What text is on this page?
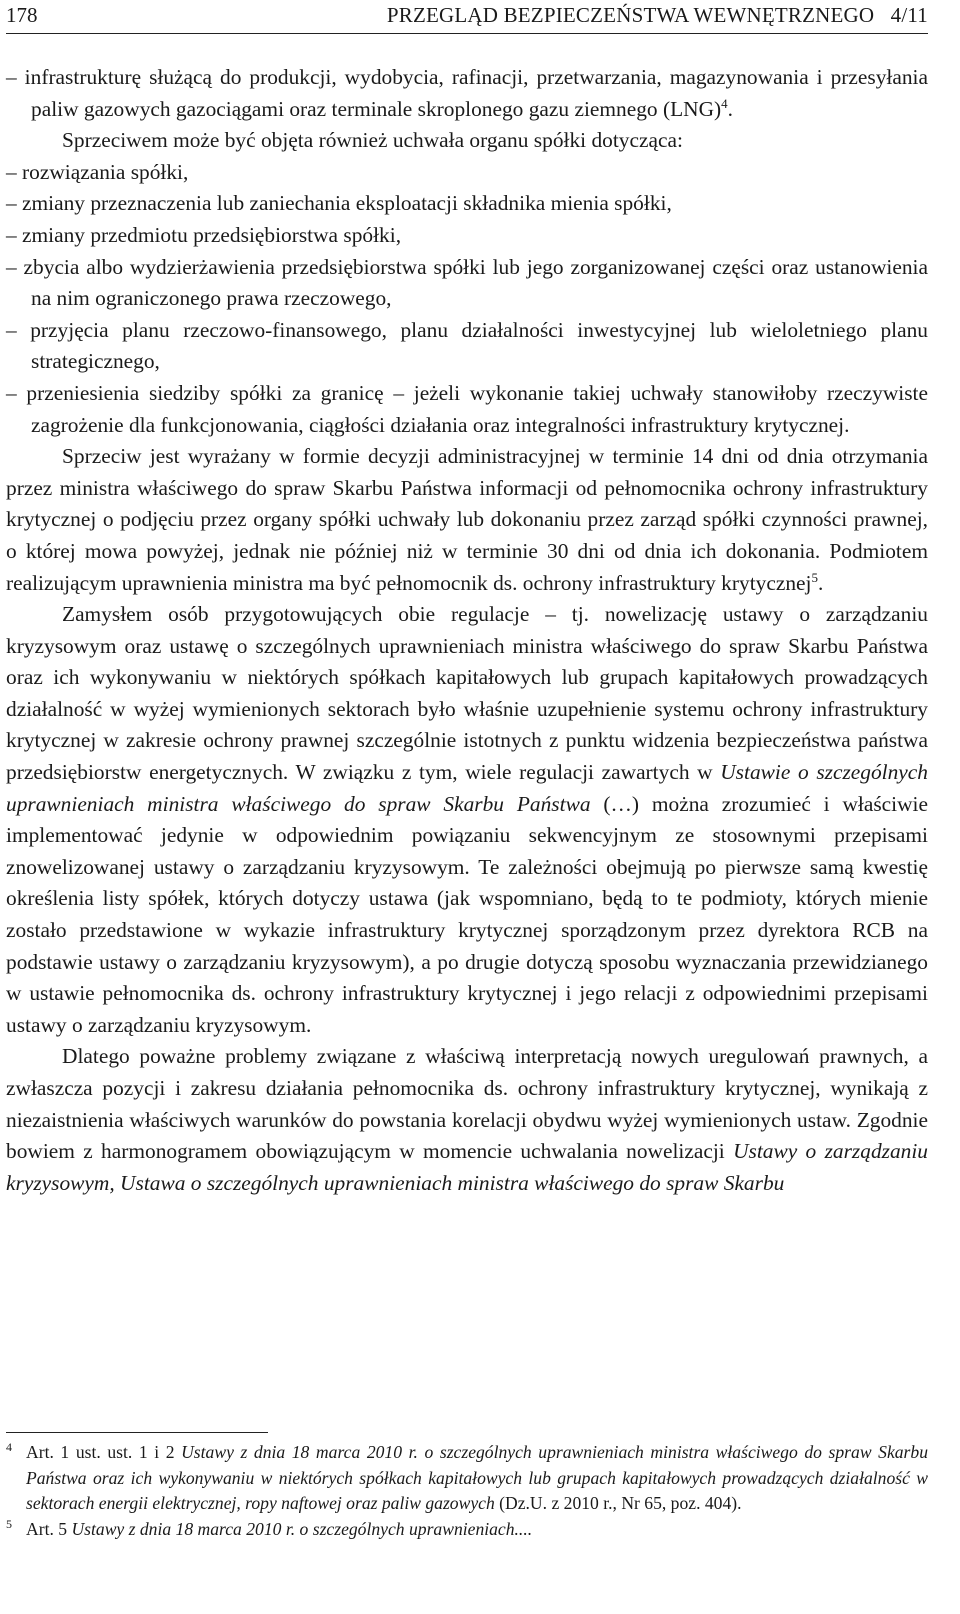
178	PRZEGLĄD BEZPIECZEŃSTWA WEWNĘTRZNEGO   4/11

– infrastrukturę służącą do produkcji, wydobycia, rafinacji, przetwarzania, magazynowania i przesyłania paliw gazowych gazociągami oraz terminale skroplonego gazu ziemnego (LNG)$^4$.

Sprzeciwem może być objęta również uchwała organu spółki dotycząca:

– rozwiązania spółki,

– zmiany przeznaczenia lub zaniechania eksploatacji składnika mienia spółki,

– zmiany przedmiotu przedsiębiorstwa spółki,

– zbycia albo wydzierżawienia przedsiębiorstwa spółki lub jego zorganizowanej części oraz ustanowienia na nim ograniczonego prawa rzeczowego,

– przyjęcia planu rzeczowo-finansowego, planu działalności inwestycyjnej lub wieloletniego planu strategicznego,

– przeniesienia siedziby spółki za granicę – jeżeli wykonanie takiej uchwały stanowiłoby rzeczywiste zagrożenie dla funkcjonowania, ciągłości działania oraz integralności infrastruktury krytycznej.

Sprzeciw jest wyrażany w formie decyzji administracyjnej w terminie 14 dni od dnia otrzymania przez ministra właściwego do spraw Skarbu Państwa informacji od pełnomocnika ochrony infrastruktury krytycznej o podjęciu przez organy spółki uchwały lub dokonaniu przez zarząd spółki czynności prawnej, o której mowa powyżej, jednak nie później niż w terminie 30 dni od dnia ich dokonania. Podmiotem realizującym uprawnienia ministra ma być pełnomocnik ds. ochrony infrastruktury krytycznej$^5$.

Zamysłem osób przygotowujących obie regulacje – tj. nowelizację ustawy o zarządzaniu kryzysowym oraz ustawę o szczególnych uprawnieniach ministra właściwego do spraw Skarbu Państwa oraz ich wykonywaniu w niektórych spółkach kapitałowych lub grupach kapitałowych prowadzących działalność w wyżej wymienionych sektorach było właśnie uzupełnienie systemu ochrony infrastruktury krytycznej w zakresie ochrony prawnej szczególnie istotnych z punktu widzenia bezpieczeństwa państwa przedsiębiorstw energetycznych. W związku z tym, wiele regulacji zawartych w Ustawie o szczególnych uprawnieniach ministra właściwego do spraw Skarbu Państwa (…) można zrozumieć i właściwie implementować jedynie w odpowiednim powiązaniu sekwencyjnym ze stosownymi przepisami znowelizowanej ustawy o zarządzaniu kryzysowym. Te zależności obejmują po pierwsze samą kwestię określenia listy spółek, których dotyczy ustawa (jak wspomniano, będą to te podmioty, których mienie zostało przedstawione w wykazie infrastruktury krytycznej sporządzonym przez dyrektora RCB na podstawie ustawy o zarządzaniu kryzysowym), a po drugie dotyczą sposobu wyznaczania przewidzianego w ustawie pełnomocnika ds. ochrony infrastruktury krytycznej i jego relacji z odpowiednimi przepisami ustawy o zarządzaniu kryzysowym.

Dlatego poważne problemy związane z właściwą interpretacją nowych uregulowań prawnych, a zwłaszcza pozycji i zakresu działania pełnomocnika ds. ochrony infrastruktury krytycznej, wynikają z niezaistnienia właściwych warunków do powstania korelacji obydwu wyżej wymienionych ustaw. Zgodnie bowiem z harmonogramem obowiązującym w momencie uchwalania nowelizacji Ustawy o zarządzaniu kryzysowym, Ustawa o szczególnych uprawnieniach ministra właściwego do spraw Skarbu

4 Art. 1 ust. ust. 1 i 2 Ustawy z dnia 18 marca 2010 r. o szczególnych uprawnieniach ministra właściwego do spraw Skarbu Państwa oraz ich wykonywaniu w niektórych spółkach kapitałowych lub grupach kapitałowych prowadzących działalność w sektorach energii elektrycznej, ropy naftowej oraz paliw gazowych (Dz.U. z 2010 r., Nr 65, poz. 404).
5 Art. 5 Ustawy z dnia 18 marca 2010 r. o szczególnych uprawnieniach....
